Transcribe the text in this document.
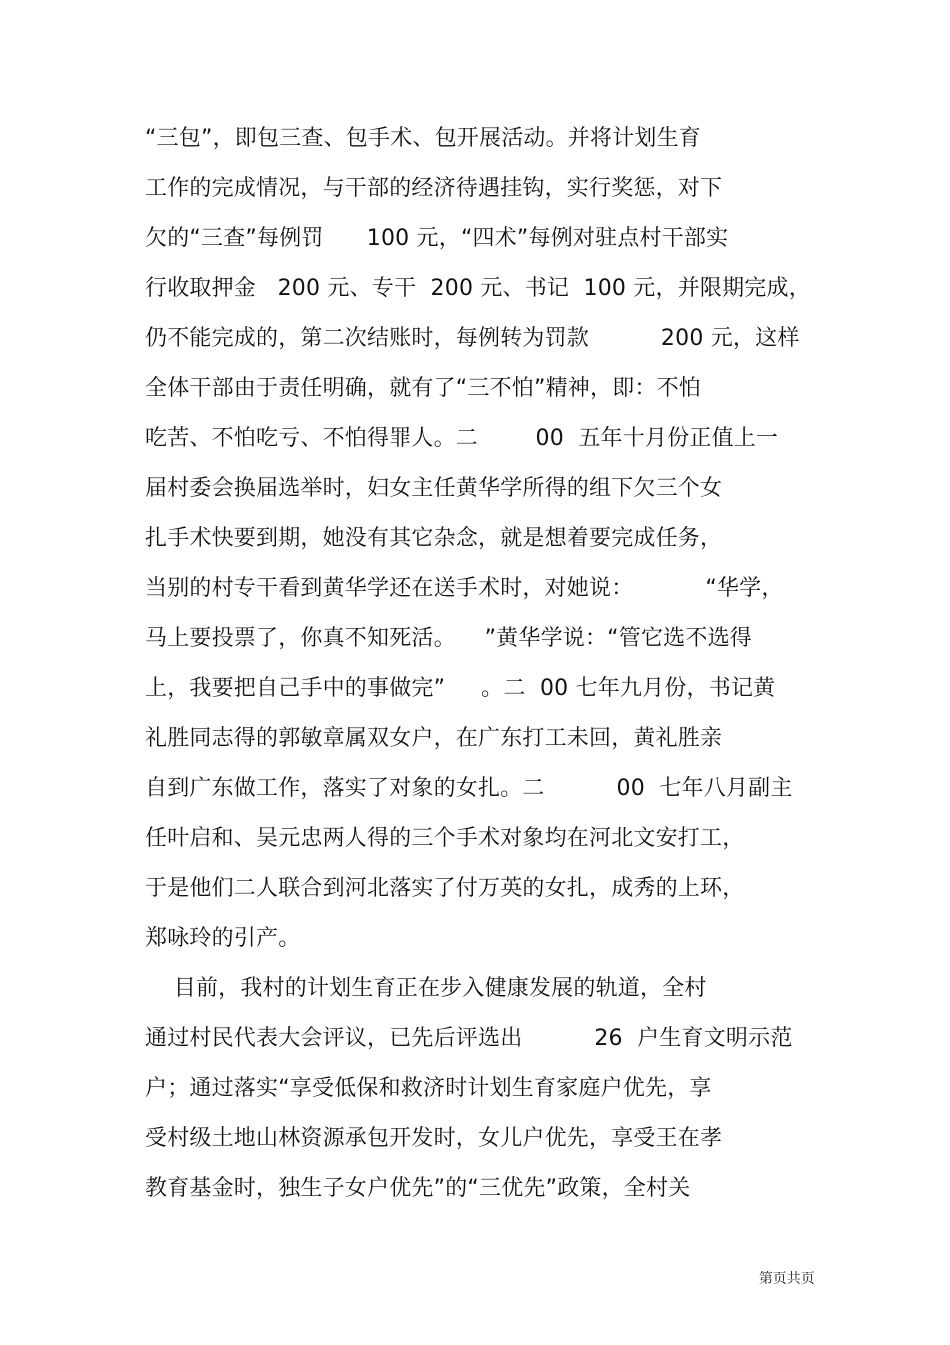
“三包”，即包三查、包手术、包开展活动。并将计划生育
工作的完成情况，与干部的经济待遇挂钩，实行奖惩，对下
欠的“三查”每例罚      100 元，“四术”每例对驻点村干部实
行收取押金   200 元、专干  200 元、书记  100 元，并限期完成，
仍不能完成的，第二次结账时，每例转为罚款          200 元，这样
全体干部由于责任明确，就有了“三不怕”精神，即：不怕
吃苦、不怕吃亏、不怕得罪人。二        00  五年十月份正值上一
届村委会换届选举时，妇女主任黄华学所得的组下欠三个女
扎手术快要到期，她没有其它杂念，就是想着要完成任务，
当别的村专干看到黄华学还在送手术时，对她说：          “华学，
马上要投票了，你真不知死活。    ”黄华学说：“管它选不选得
上，我要把自己手中的事做完”     。二  00 七年九月份，书记黄
礼胜同志得的郭敏章属双女户，在广东打工未回，黄礼胜亲
自到广东做工作，落实了对象的女扎。二          00  七年八月副主
任叶启和、吴元忠两人得的三个手术对象均在河北文安打工，
于是他们二人联合到河北落实了付万英的女扎，成秀的上环，
郑咏玲的引产。
目前，我村的计划生育正在步入健康发展的轨道，全村
通过村民代表大会评议，已先后评选出          26  户生育文明示范
户；通过落实“享受低保和救济时计划生育家庭户优先，享
受村级土地山林资源承包开发时，女儿户优先，享受王在孝
教育基金时，独生子女户优先”的“三优先”政策，全村关

第页共页
